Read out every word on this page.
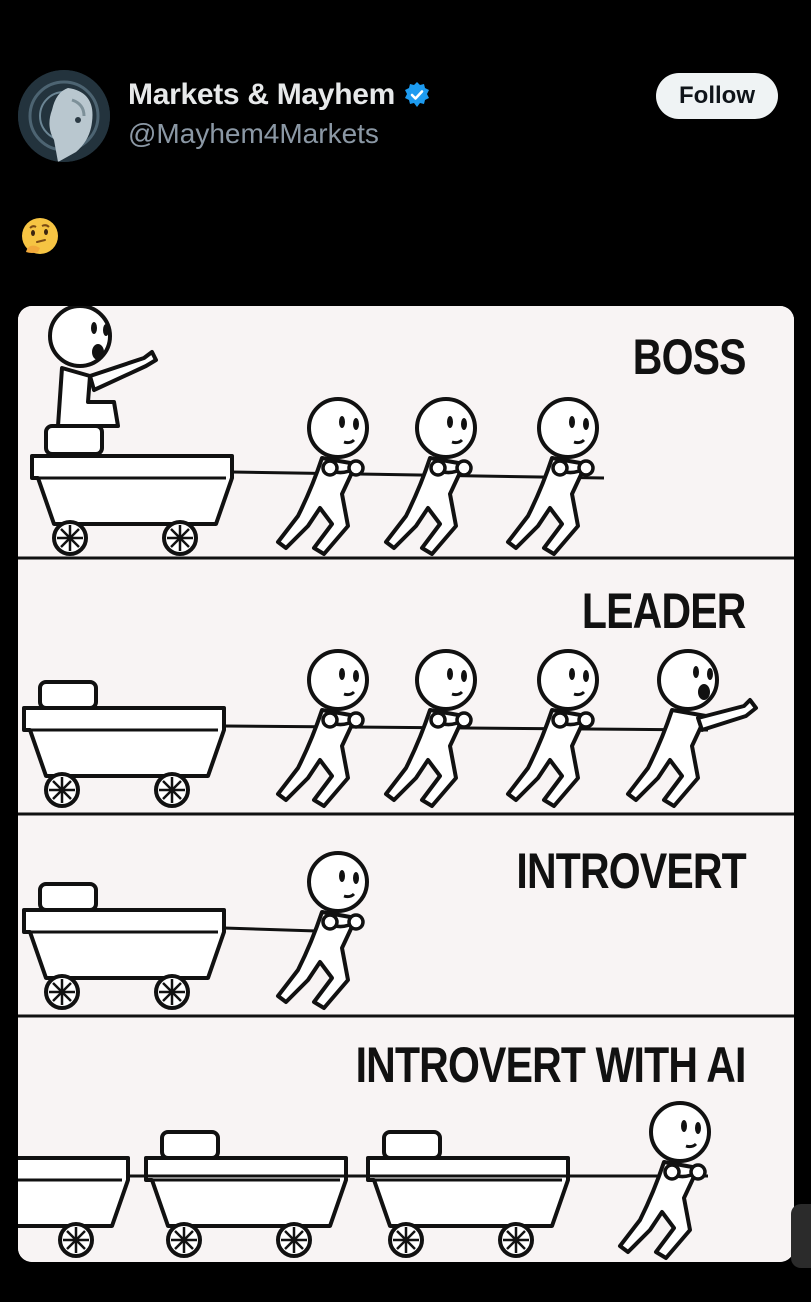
Markets & Mayhem
@Mayhem4Markets
Follow
BOSS
LEADER
INTROVERT
INTROVERT WITH AI
